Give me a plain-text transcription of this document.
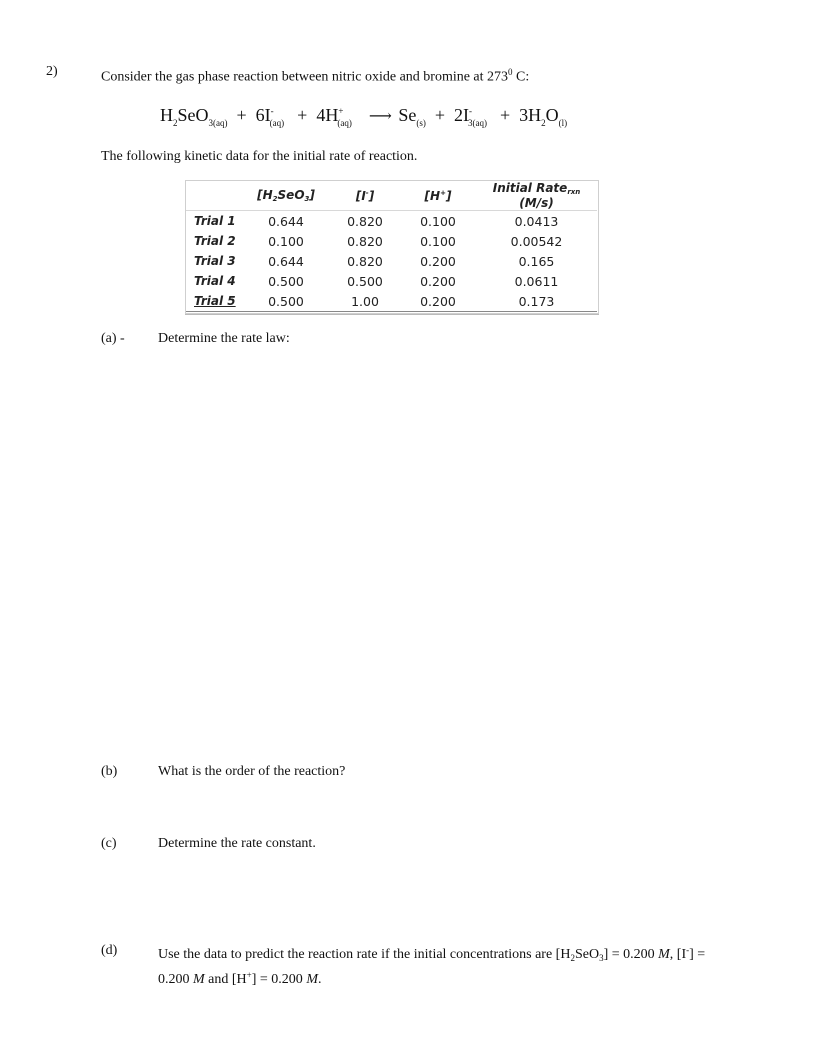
2)	Consider the gas phase reaction between nitric oxide and bromine at $273^0$ C:
$H_2SeO_{3(aq)} + 6I^-_{(aq)} + 4H^+_{(aq)}$ ⟶ $Se_{(s)} + 2I^-_{3(aq)} + 3H_2O_{(l)}$
The following kinetic data for the initial rate of reaction.
	$[H_2SeO_3]$	[I-]	[H+]	Initial Rate$_{rxn}$ (M/s)
Trial 1	0.644	0.820	0.100	0.0413
Trial 2	0.100	0.820	0.100	0.00542
Trial 3	0.644	0.820	0.200	0.165
Trial 4	0.500	0.500	0.200	0.0611
Trial 5	0.500	1.00	0.200	0.173
(a) - Determine the rate law:
(b)	What is the order of the reaction?
(c)	Determine the rate constant.
(d)	Use the data to predict the reaction rate if the initial concentrations are $[H_2SeO_3] = 0.200$ M, [I-] =
0.200 M and [H+] = 0.200 M.
